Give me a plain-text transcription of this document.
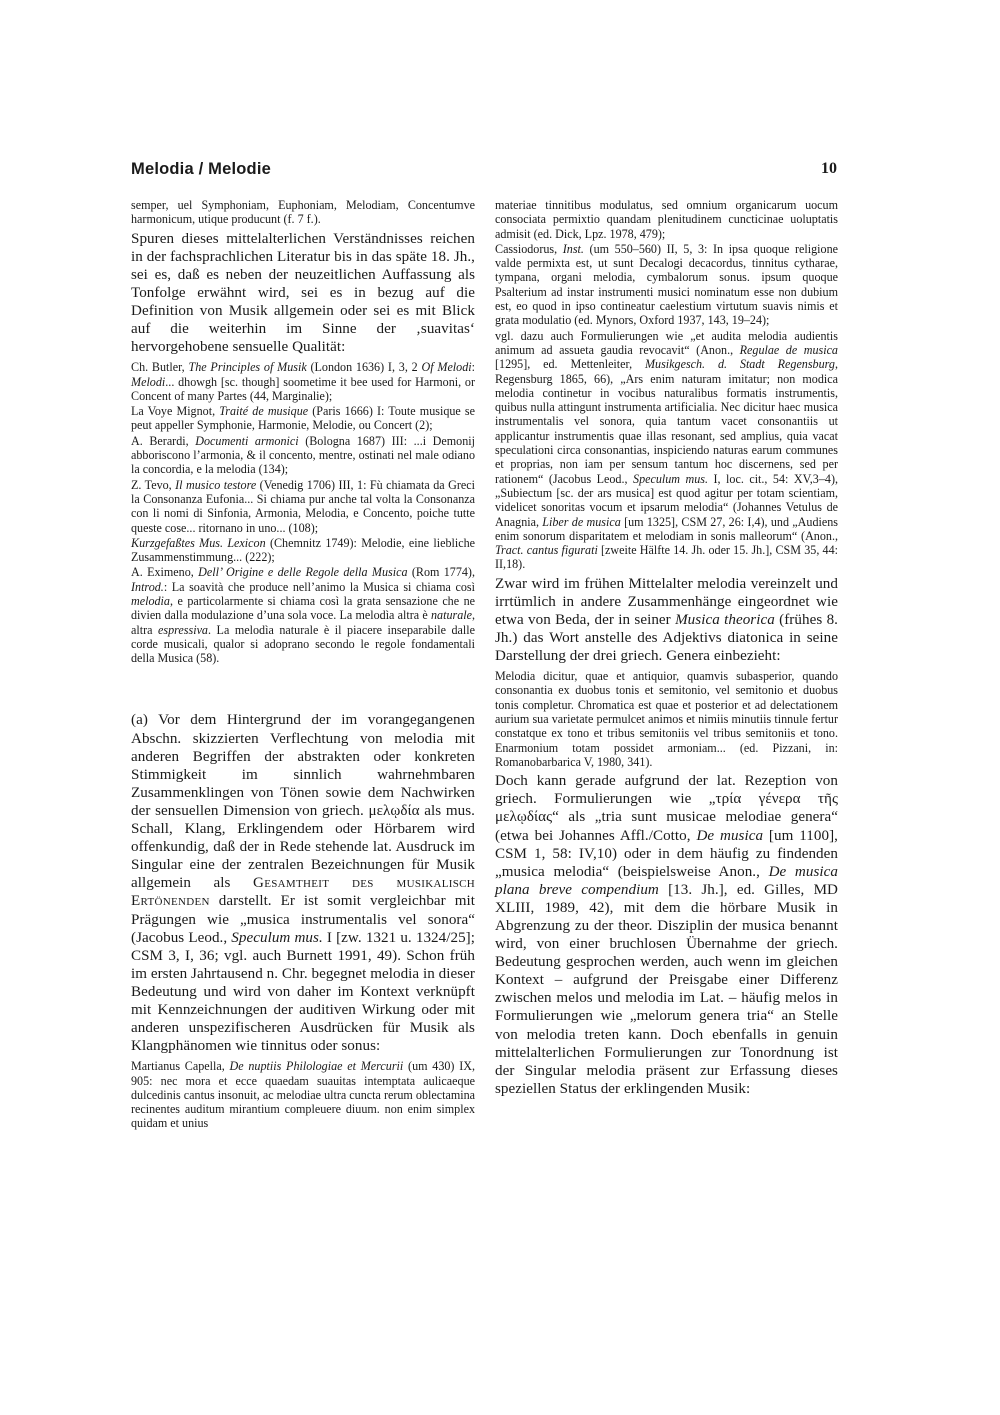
Melodia / Melodie	10

semper, uel Symphoniam, Euphoniam, Melodiam, Concentumve harmonicum, utique producunt (f. 7 f.).

Spuren dieses mittelalterlichen Verständnisses reichen in der fachsprachlichen Literatur bis in das späte 18. Jh., sei es, daß es neben der neuzeitlichen Auffassung als Tonfolge erwähnt wird, sei es in bezug auf die Definition von Musik allgemein oder sei es mit Blick auf die weiterhin im Sinne der ‚suavitas‘ hervorgehobene sensuelle Qualität:

Ch. Butler, The Principles of Musik (London 1636) I, 3, 2 Of Melodi: Melodi... dhowgh [sc. though] soometime it bee used for Harmoni, or Concent of many Partes (44, Marginalie);

La Voye Mignot, Traité de musique (Paris 1666) I: Toute musique se peut appeller Symphonie, Harmonie, Melodie, ou Concert (2);

A. Berardi, Documenti armonici (Bologna 1687) III: ...i Demonij abboriscono l’armonia, & il concento, mentre, ostinati nel male odiano la concordia, e la melodia (134);

Z. Tevo, Il musico testore (Venedig 1706) III, 1: Fù chiamata da Greci la Consonanza Eufonia... Si chiama pur anche tal volta la Consonanza con li nomi di Sinfonia, Armonia, Melodia, e Concento, poiche tutte queste cose... ritornano in uno... (108);

Kurzgefaßtes Mus. Lexicon (Chemnitz 1749): Melodie, eine liebliche Zusammenstimmung... (222);

A. Eximeno, Dell’ Origine e delle Regole della Musica (Rom 1774), Introd.: La soavità che produce nell’animo la Musica si chiama così melodia, e particolarmente si chiama così la grata sensazione che ne divien dalla modulazione d’una sola voce. La melodìa altra è naturale, altra espressiva. La melodìa naturale è il piacere inseparabile dalle corde musicali, qualor si adoprano secondo le regole fondamentali della Musica (58).

(a) Vor dem Hintergrund der im vorangegangenen Abschn. skizzierten Verflechtung von melodia mit anderen Begriffen der abstrakten oder konkreten Stimmigkeit im sinnlich wahrnehmbaren Zusammenklingen von Tönen sowie dem Nachwirken der sensuellen Dimension von griech. μελῳδία als mus. Schall, Klang, Erklingendem oder Hörbarem wird offenkundig, daß der in Rede stehende lat. Ausdruck im Singular eine der zentralen Bezeichnungen für Musik allgemein als Gesamtheit des musikalisch Ertönenden darstellt. Er ist somit vergleichbar mit Prägungen wie „musica instrumentalis vel sonora“ (Jacobus Leod., Speculum mus. I [zw. 1321 u. 1324/25]; CSM 3, I, 36; vgl. auch Burnett 1991, 49). Schon früh im ersten Jahrtausend n. Chr. begegnet melodia in dieser Bedeutung und wird von daher im Kontext verknüpft mit Kennzeichnungen der auditiven Wirkung oder mit anderen unspezifischeren Ausdrücken für Musik als Klangphänomen wie tinnitus oder sonus:

Martianus Capella, De nuptiis Philologiae et Mercurii (um 430) IX, 905: nec mora et ecce quaedam suauitas intemptata aulicaeque dulcedinis cantus insonuit, ac melodiae ultra cuncta rerum oblectamina recinentes auditum mirantium compleuere diuum. non enim simplex quidam et unius

materiae tinnitibus modulatus, sed omnium organicarum uocum consociata permixtio quandam plenitudinem cuncticinae uoluptatis admisit (ed. Dick, Lpz. 1978, 479);

Cassiodorus, Inst. (um 550–560) II, 5, 3: In ipsa quoque religione valde permixta est, ut sunt Decalogi decacordus, tinnitus cytharae, tympana, organi melodia, cymbalorum sonus. ipsum quoque Psalterium ad instar instrumenti musici nominatum esse non dubium est, eo quod in ipso contineatur caelestium virtutum suavis nimis et grata modulatio (ed. Mynors, Oxford 1937, 143, 19–24);

vgl. dazu auch Formulierungen wie „et audita melodia audientis animum ad assueta gaudia revocavit“ (Anon., Regulae de musica [1295], ed. Mettenleiter, Musikgesch. d. Stadt Regensburg, Regensburg 1865, 66), „Ars enim naturam imitatur; non modica melodia continetur in vocibus naturalibus formatis instrumentis, quibus nulla attingunt instrumenta artificialia. Nec dicitur haec musica instrumentalis vel sonora, quia tantum vacet consonantiis ut applicantur instrumentis quae illas resonant, sed amplius, quia vacat speculationi circa consonantias, inspiciendo naturas earum communes et proprias, non iam per sensum tantum hoc discernens, sed per rationem“ (Jacobus Leod., Speculum mus. I, loc. cit., 54: XV,3–4), „Subiectum [sc. der ars musica] est quod agitur per totam scientiam, videlicet sonoritas vocum et ipsarum melodia“ (Johannes Vetulus de Anagnia, Liber de musica [um 1325], CSM 27, 26: I,4), und „Audiens enim sonorum disparitatem et melodiam in sonis malleorum“ (Anon., Tract. cantus figurati [zweite Hälfte 14. Jh. oder 15. Jh.], CSM 35, 44: II,18).

Zwar wird im frühen Mittelalter melodia vereinzelt und irrtümlich in andere Zusammenhänge eingeordnet wie etwa von Beda, der in seiner Musica theorica (frühes 8. Jh.) das Wort anstelle des Adjektivs diatonica in seine Darstellung der drei griech. Genera einbezieht:

Melodia dicitur, quae et antiquior, quamvis subasperior, quando consonantia ex duobus tonis et semitonio, vel semitonio et duobus tonis completur. Chromatica est quae et posterior et ad delectationem aurium sua varietate permulcet animos et nimiis minutiis tinnule fertur constatque ex tono et tribus semitoniis vel tribus semitoniis et tono. Enarmonium totam possidet armoniam... (ed. Pizzani, in: Romanobarbarica V, 1980, 341).

Doch kann gerade aufgrund der lat. Rezeption von griech. Formulierungen wie „τρία γένερα τῆς μελῳδίας“ als „tria sunt musicae melodiae genera“ (etwa bei Johannes Affl./Cotto, De musica [um 1100], CSM 1, 58: IV,10) oder in dem häufig zu findenden „musica melodia“ (beispielsweise Anon., De musica plana breve compendium [13. Jh.], ed. Gilles, MD XLIII, 1989, 42), mit dem die hörbare Musik in Abgrenzung zu der theor. Disziplin der musica benannt wird, von einer bruchlosen Übernahme der griech. Bedeutung gesprochen werden, auch wenn im gleichen Kontext – aufgrund der Preisgabe einer Differenz zwischen melos und melodia im Lat. – häufig melos in Formulierungen wie „melorum genera tria“ an Stelle von melodia treten kann. Doch ebenfalls in genuin mittelalterlichen Formulierungen zur Tonordnung ist der Singular melodia präsent zur Erfassung dieses speziellen Status der erklingenden Musik:
